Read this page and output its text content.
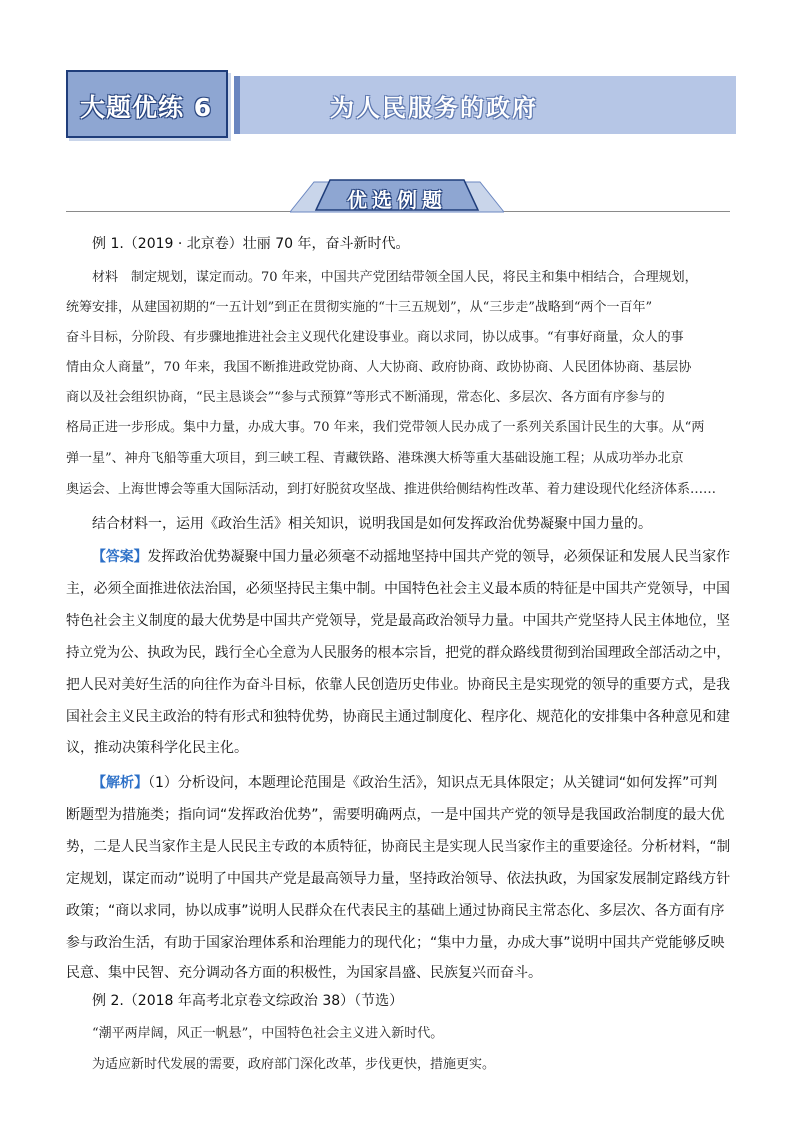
大题优练 6	为人民服务的政府
优选例题
例 1.（2019 · 北京卷）壮丽 70 年，奋斗新时代。
材料　制定规划，谋定而动。70 年来，中国共产党团结带领全国人民，将民主和集中相结合，合理规划，
统筹安排，从建国初期的“一五计划”到正在贯彻实施的“十三五规划”，从“三步走”战略到“两个一百年”
奋斗目标，分阶段、有步骤地推进社会主义现代化建设事业。商以求同，协以成事。“有事好商量，众人的事
情由众人商量”，70 年来，我国不断推进政党协商、人大协商、政府协商、政协协商、人民团体协商、基层协
商以及社会组织协商，“民主恳谈会”“参与式预算”等形式不断涌现，常态化、多层次、各方面有序参与的
格局正进一步形成。集中力量，办成大事。70 年来，我们党带领人民办成了一系列关系国计民生的大事。从“两
弹一星”、神舟飞船等重大项目，到三峡工程、青藏铁路、港珠澳大桥等重大基础设施工程；从成功举办北京
奥运会、上海世博会等重大国际活动，到打好脱贫攻坚战、推进供给侧结构性改革、着力建设现代化经济体系……
结合材料一，运用《政治生活》相关知识，说明我国是如何发挥政治优势凝聚中国力量的。
【答案】发挥政治优势凝聚中国力量必须毫不动摇地坚持中国共产党的领导，必须保证和发展人民当家作
主，必须全面推进依法治国，必须坚持民主集中制。中国特色社会主义最本质的特征是中国共产党领导，中国
特色社会主义制度的最大优势是中国共产党领导，党是最高政治领导力量。中国共产党坚持人民主体地位，坚
持立党为公、执政为民，践行全心全意为人民服务的根本宗旨，把党的群众路线贯彻到治国理政全部活动之中，
把人民对美好生活的向往作为奋斗目标，依靠人民创造历史伟业。协商民主是实现党的领导的重要方式，是我
国社会主义民主政治的特有形式和独特优势，协商民主通过制度化、程序化、规范化的安排集中各种意见和建
议，推动决策科学化民主化。
【解析】（1）分析设问，本题理论范围是《政治生活》，知识点无具体限定；从关键词“如何发挥”可判
断题型为措施类；指向词“发挥政治优势”，需要明确两点，一是中国共产党的领导是我国政治制度的最大优
势，二是人民当家作主是人民民主专政的本质特征，协商民主是实现人民当家作主的重要途径。分析材料，“制
定规划，谋定而动”说明了中国共产党是最高领导力量，坚持政治领导、依法执政，为国家发展制定路线方针
政策；“商以求同，协以成事”说明人民群众在代表民主的基础上通过协商民主常态化、多层次、各方面有序
参与政治生活，有助于国家治理体系和治理能力的现代化；“集中力量，办成大事”说明中国共产党能够反映
民意、集中民智、充分调动各方面的积极性，为国家昌盛、民族复兴而奋斗。
例 2.（2018 年高考北京卷文综政治 38）（节选）
“潮平两岸阔，风正一帆悬”，中国特色社会主义进入新时代。
为适应新时代发展的需要，政府部门深化改革，步伐更快，措施更实。
